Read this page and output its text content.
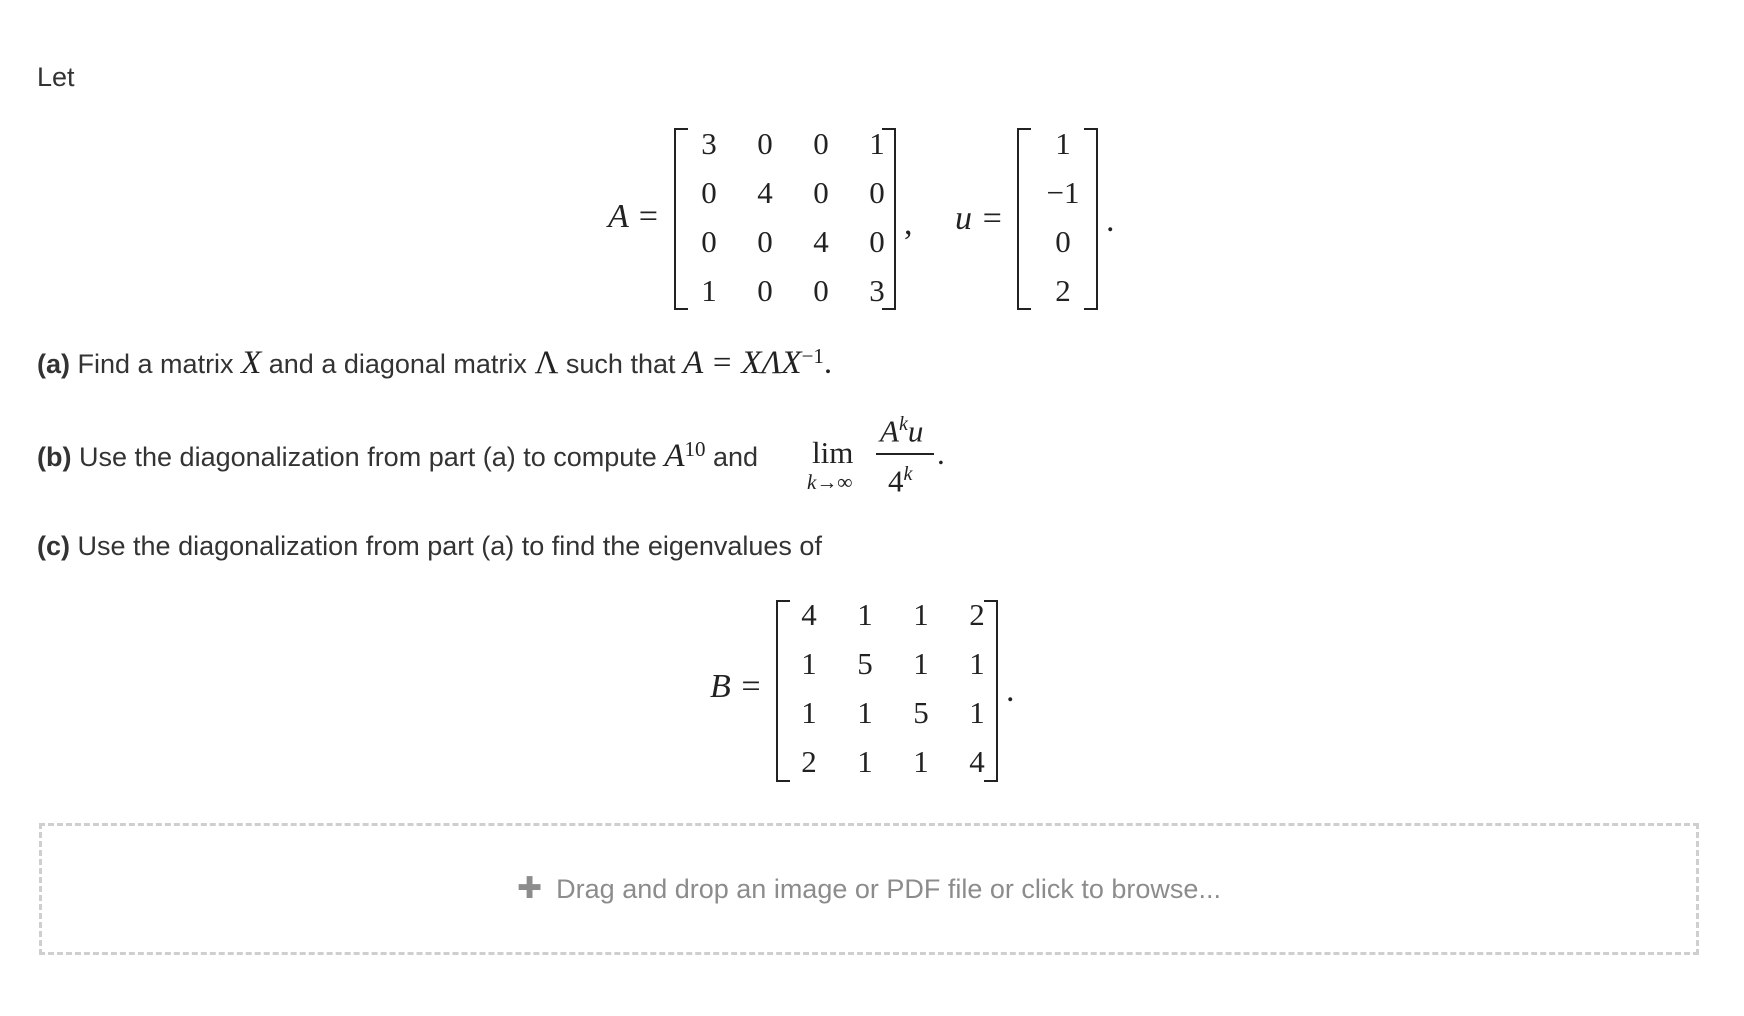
Let
A =
3	0	0	1
0	4	0	0
0	0	4	0
1	0	0	3
, u =
1
−1
0
2
.
(a) Find a matrix X and a diagonal matrix Λ such that $A = X\Lambda X^{-1}$.
(b) Use the diagonalization from part (a) to compute $A^{10}$ and lim
k→∞
$A^ku$
4$^k$
.
(c) Use the diagonalization from part (a) to find the eigenvalues of
B =
4	1	1	2
1	5	1	1
1	1	5	1
2	1	1	4
.
✚ Drag and drop an image or PDF file or click to browse...
